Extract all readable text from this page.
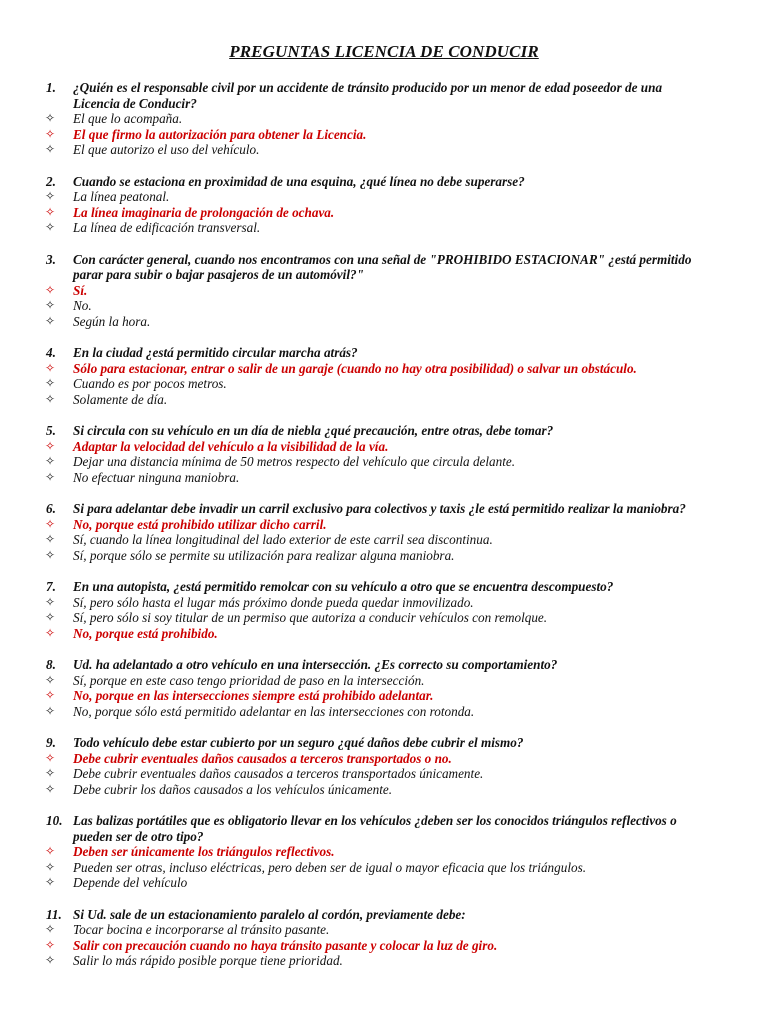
PREGUNTAS LICENCIA DE CONDUCIR
1. ¿Quién es el responsable civil por un accidente de tránsito producido por un menor de edad poseedor de una Licencia de Conducir?
✧ El que lo acompaña.
✧ El que firmo la autorización para obtener la Licencia.
✧ El que autorizo el uso del vehículo.
2. Cuando se estaciona en proximidad de una esquina, ¿qué línea no debe superarse?
✧ La línea peatonal.
✧ La línea imaginaria de prolongación de ochava.
✧ La línea de edificación transversal.
3. Con carácter general, cuando nos encontramos con una señal de "PROHIBIDO ESTACIONAR" ¿está permitido parar para subir o bajar pasajeros de un automóvil?"
✧ Sí.
✧ No.
✧ Según la hora.
4. En la ciudad ¿está permitido circular marcha atrás?
✧ Sólo para estacionar, entrar o salir de un garaje (cuando no hay otra posibilidad) o salvar un obstáculo.
✧ Cuando es por pocos metros.
✧ Solamente de día.
5. Si circula con su vehículo en un día de niebla ¿qué precaución, entre otras, debe tomar?
✧ Adaptar la velocidad del vehículo a la visibilidad de la vía.
✧ Dejar una distancia mínima de 50 metros respecto del vehículo que circula delante.
✧ No efectuar ninguna maniobra.
6. Si para adelantar debe invadir un carril exclusivo para colectivos y taxis ¿le está permitido realizar la maniobra?
✧ No, porque está prohibido utilizar dicho carril.
✧ Sí, cuando la línea longitudinal del lado exterior de este carril sea discontinua.
✧ Sí, porque sólo se permite su utilización para realizar alguna maniobra.
7. En una autopista, ¿está permitido remolcar con su vehículo a otro que se encuentra descompuesto?
✧ Sí, pero sólo hasta el lugar más próximo donde pueda quedar inmovilizado.
✧ Sí, pero sólo si soy titular de un permiso que autoriza a conducir vehículos con remolque.
✧ No, porque está prohibido.
8. Ud. ha adelantado a otro vehículo en una intersección. ¿Es correcto su comportamiento?
✧ Sí, porque en este caso tengo prioridad de paso en la intersección.
✧ No, porque en las intersecciones siempre está prohibido adelantar.
✧ No, porque sólo está permitido adelantar en las intersecciones con rotonda.
9. Todo vehículo debe estar cubierto por un seguro ¿qué daños debe cubrir el mismo?
✧ Debe cubrir eventuales daños causados a terceros transportados o no.
✧ Debe cubrir eventuales daños causados a terceros transportados únicamente.
✧ Debe cubrir los daños causados a los vehículos únicamente.
10. Las balizas portátiles que es obligatorio llevar en los vehículos ¿deben ser los conocidos triángulos reflectivos o pueden ser de otro tipo?
✧ Deben ser únicamente los triángulos reflectivos.
✧ Pueden ser otras, incluso eléctricas, pero deben ser de igual o mayor eficacia que los triángulos.
✧ Depende del vehículo
11. Si Ud. sale de un estacionamiento paralelo al cordón, previamente debe:
✧ Tocar bocina e incorporarse al tránsito pasante.
✧ Salir con precaución cuando no haya tránsito pasante y colocar la luz de giro.
✧ Salir lo más rápido posible porque tiene prioridad.
